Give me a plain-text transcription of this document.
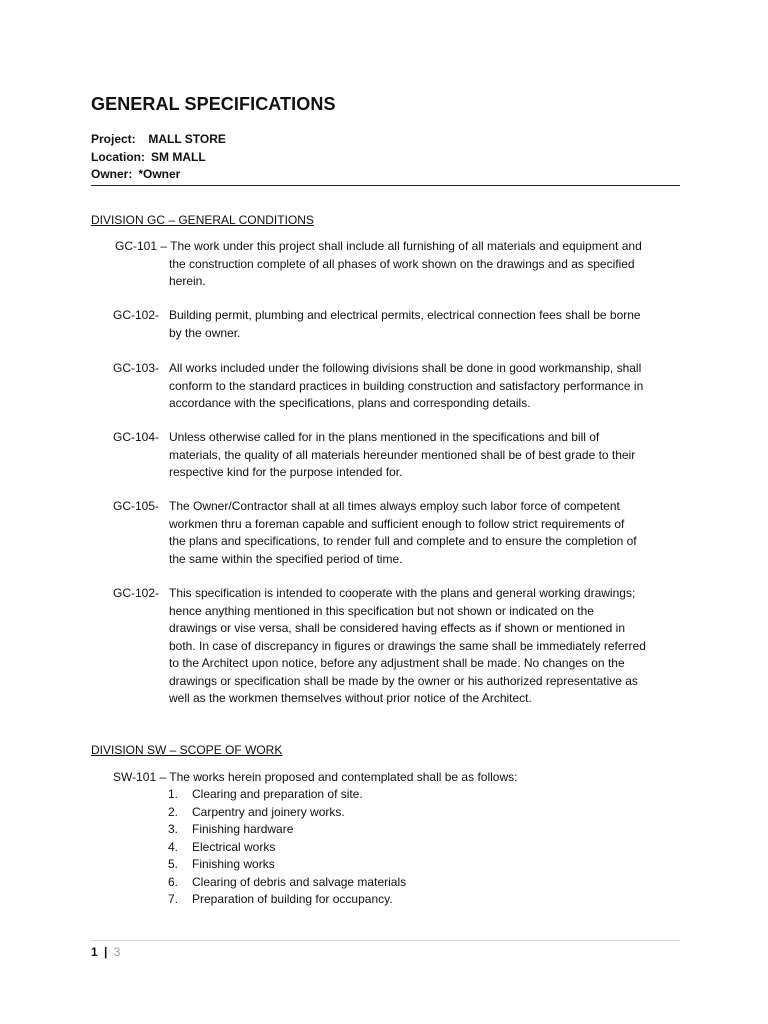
GENERAL SPECIFICATIONS
Project:  MALL STORE
Location: SM MALL
Owner: *Owner
DIVISION GC – GENERAL CONDITIONS
GC-101 – The work under this project shall include all furnishing of all materials and equipment and
the construction complete of all phases of work shown on the drawings and as specified
herein.
GC-102- Building permit, plumbing and electrical permits, electrical connection fees shall be borne
by the owner.
GC-103- All works included under the following divisions shall be done in good workmanship, shall
conform to the standard practices in building construction and satisfactory performance in
accordance with the specifications, plans and corresponding details.
GC-104- Unless otherwise called for in the plans mentioned in the specifications and bill of
materials, the quality of all materials hereunder mentioned shall be of best grade to their
respective kind for the purpose intended for.
GC-105- The Owner/Contractor shall at all times always employ such labor force of competent
workmen thru a foreman capable and sufficient enough to follow strict requirements of
the plans and specifications, to render full and complete and to ensure the completion of
the same within the specified period of time.
GC-102- This specification is intended to cooperate with the plans and general working drawings;
hence anything mentioned in this specification but not shown or indicated on the
drawings or vise versa, shall be considered having effects as if shown or mentioned in
both. In case of discrepancy in figures or drawings the same shall be immediately referred
to the Architect upon notice, before any adjustment shall be made. No changes on the
drawings or specification shall be made by the owner or his authorized representative as
well as the workmen themselves without prior notice of the Architect.
DIVISION SW – SCOPE OF WORK
SW-101 – The works herein proposed and contemplated shall be as follows:
1. Clearing and preparation of site.
2. Carpentry and joinery works.
3. Finishing hardware
4. Electrical works
5. Finishing works
6. Clearing of debris and salvage materials
7. Preparation of building for occupancy.
1 | 3
